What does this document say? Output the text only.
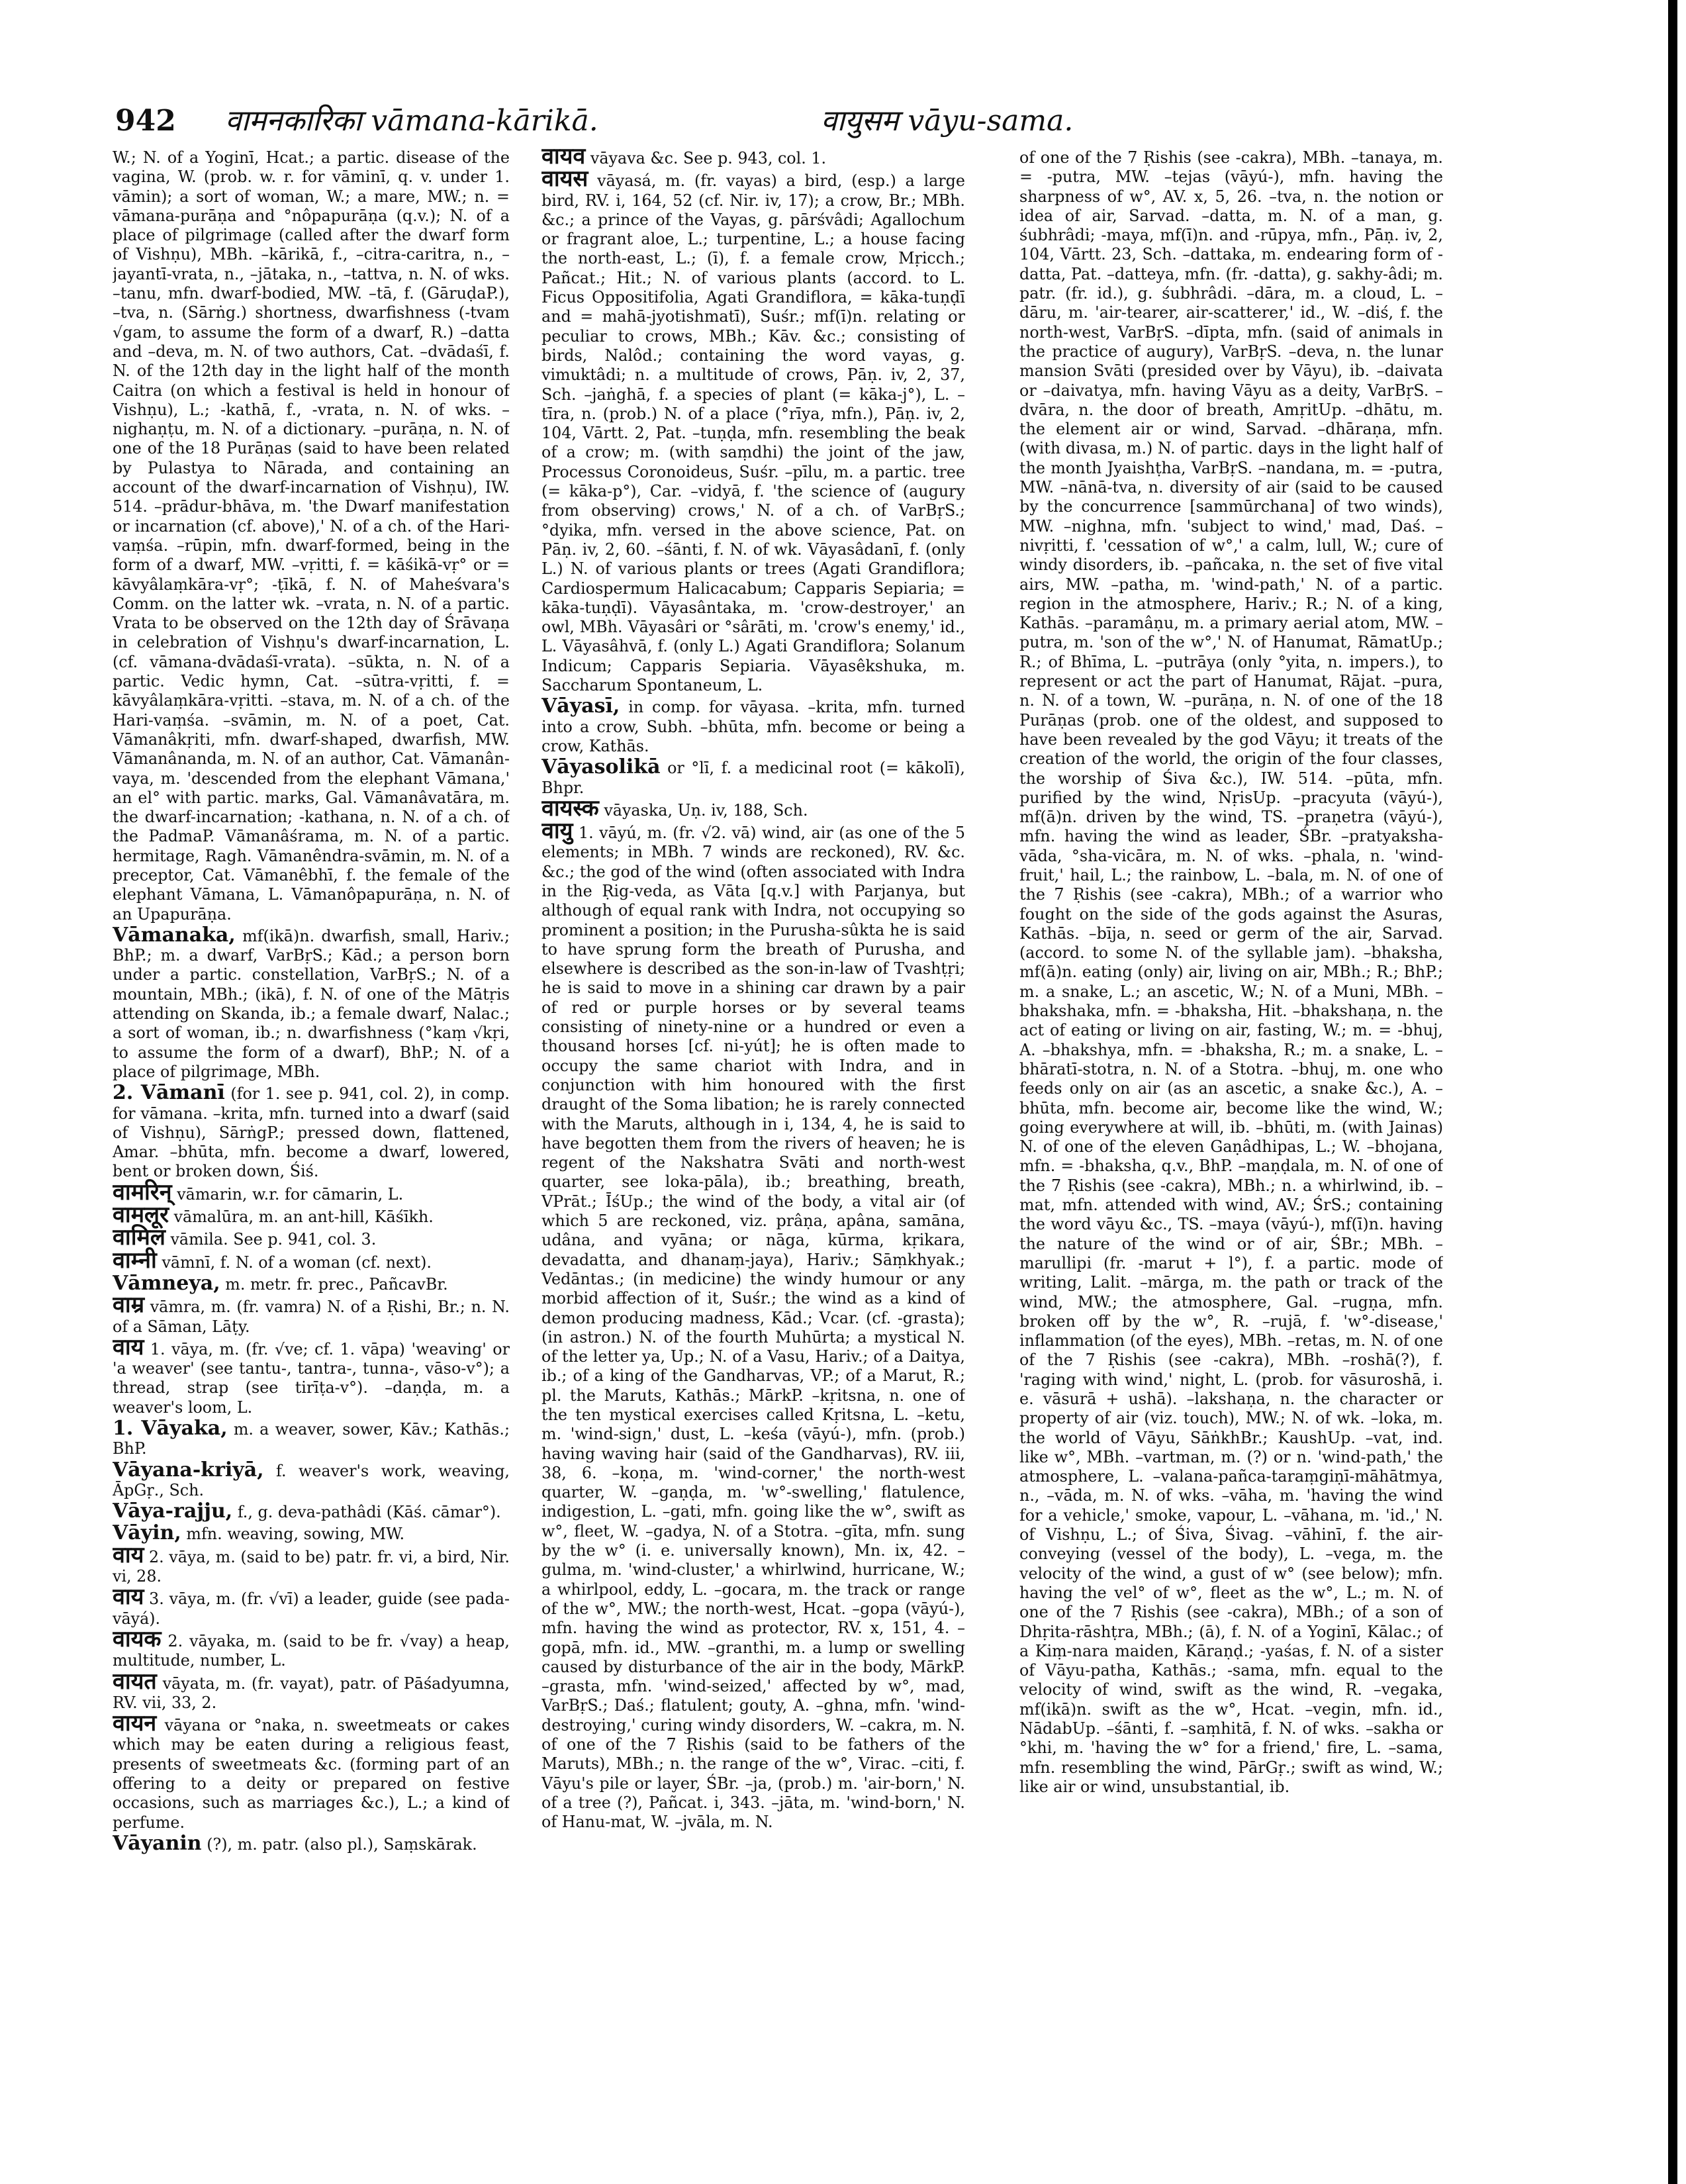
942 वामनकारिका vāmana-kārikā.	वायुसम vāyu-sama.

W.; N. of a Yoginī, Hcat.; a partic. disease of the vagina, W. (prob. w. r. for vāminī, q. v. under 1. vāmin); a sort of woman, W.; a mare, MW.; n. = vāmana-purāṇa and °nôpapurāṇa (q.v.); N. of a place of pilgrimage (called after the dwarf form of Vishṇu), MBh. –kārikā, f., –citra-caritra, n., –jayantī-vrata, n., –jātaka, n., –tattva, n. N. of wks. –tanu, mfn. dwarf-bodied, MW. –tā, f. (GāruḍaP.), –tva, n. (Sārṅg.) shortness, dwarfishness (-tvam √gam, to assume the form of a dwarf, R.) –datta and –deva, m. N. of two authors, Cat. –dvādaśī, f. N. of the 12th day in the light half of the month Caitra (on which a festival is held in honour of Vishṇu), L.; -kathā, f., -vrata, n. N. of wks. –nighaṇṭu, m. N. of a dictionary. –purāṇa, n. N. of one of the 18 Purāṇas (said to have been related by Pulastya to Nārada, and containing an account of the dwarf-incarnation of Vishṇu), IW. 514. –prādur-bhāva, m. 'the Dwarf manifestation or incarnation (cf. above),' N. of a ch. of the Hari-vaṃśa. –rūpin, mfn. dwarf-formed, being in the form of a dwarf, MW. –vṛitti, f. = kāśikā-vṛ° or = kāvyâlaṃkāra-vṛ°; -ṭīkā, f. N. of Maheśvara's Comm. on the latter wk. –vrata, n. N. of a partic. Vrata to be observed on the 12th day of Śrāvaṇa in celebration of Vishṇu's dwarf-incarnation, L. (cf. vāmana-dvādaśī-vrata). –sūkta, n. N. of a partic. Vedic hymn, Cat. –sūtra-vṛitti, f. = kāvyâlaṃkāra-vṛitti. –stava, m. N. of a ch. of the Hari-vaṃśa. –svāmin, m. N. of a poet, Cat. Vāmanâkṛiti, mfn. dwarf-shaped, dwarfish, MW. Vāmanânanda, m. N. of an author, Cat. Vāmanân-vaya, m. 'descended from the elephant Vāmana,' an el° with partic. marks, Gal. Vāmanâvatāra, m. the dwarf-incarnation; -kathana, n. N. of a ch. of the PadmaP. Vāmanâśrama, m. N. of a partic. hermitage, Ragh. Vāmanêndra-svāmin, m. N. of a preceptor, Cat. Vāmanêbhī, f. the female of the elephant Vāmana, L. Vāmanôpapurāṇa, n. N. of an Upapurāṇa.

Vāmanaka, mf(ikā)n. dwarfish, small, Hariv.; BhP.; m. a dwarf, VarBṛS.; Kād.; a person born under a partic. constellation, VarBṛS.; N. of a mountain, MBh.; (ikā), f. N. of one of the Mātṛis attending on Skanda, ib.; a female dwarf, Nalac.; a sort of woman, ib.; n. dwarfishness (°kaṃ √kṛi, to assume the form of a dwarf), BhP.; N. of a place of pilgrimage, MBh.

2. Vāmanī (for 1. see p. 941, col. 2), in comp. for vāmana. –krita, mfn. turned into a dwarf (said of Vishṇu), SārṅgP.; pressed down, flattened, Amar. –bhūta, mfn. become a dwarf, lowered, bent or broken down, Śiś.

वामरिन् vāmarin, w.r. for cāmarin, L.

वामलूर vāmalūra, m. an ant-hill, Kāśīkh.

वामिल vāmila. See p. 941, col. 3.

वाम्नी vāmnī, f. N. of a woman (cf. next).

Vāmneya, m. metr. fr. prec., PañcavBr.

वाम्र vāmra, m. (fr. vamra) N. of a Ṛishi, Br.; n. N. of a Sāman, Lāṭy.

वाय 1. vāya, m. (fr. √ve; cf. 1. vāpa) 'weaving' or 'a weaver' (see tantu-, tantra-, tunna-, vāso-v°); a thread, strap (see tirīṭa-v°). –daṇḍa, m. a weaver's loom, L.

1. Vāyaka, m. a weaver, sower, Kāv.; Kathās.; BhP.

Vāyana-kriyā, f. weaver's work, weaving, ĀpGṛ., Sch.

Vāya-rajju, f., g. deva-pathâdi (Kāś. cāmar°).

Vāyin, mfn. weaving, sowing, MW.

वाय 2. vāya, m. (said to be) patr. fr. vi, a bird, Nir. vi, 28.

वाय 3. vāya, m. (fr. √vī) a leader, guide (see pada-vāyá).

वायक 2. vāyaka, m. (said to be fr. √vay) a heap, multitude, number, L.

वायत vāyata, m. (fr. vayat), patr. of Pāśadyumna, RV. vii, 33, 2.

वायन vāyana or °naka, n. sweetmeats or cakes which may be eaten during a religious feast, presents of sweetmeats &c. (forming part of an offering to a deity or prepared on festive occasions, such as marriages &c.), L.; a kind of perfume.

Vāyanin (?), m. patr. (also pl.), Saṃskārak.

वायव vāyava &c. See p. 943, col. 1.

वायस vāyasá, m. (fr. vayas) a bird, (esp.) a large bird, RV. i, 164, 52 (cf. Nir. iv, 17); a crow, Br.; MBh. &c.; a prince of the Vayas, g. pārśvâdi; Agallochum or fragrant aloe, L.; turpentine, L.; a house facing the north-east, L.; (ī), f. a female crow, Mṛicch.; Pañcat.; Hit.; N. of various plants (accord. to L. Ficus Oppositifolia, Agati Grandiflora, = kāka-tuṇḍī and = mahā-jyotishmatī), Suśr.; mf(ī)n. relating or peculiar to crows, MBh.; Kāv. &c.; consisting of birds, Nalôd.; containing the word vayas, g. vimuktâdi; n. a multitude of crows, Pāṇ. iv, 2, 37, Sch. –jaṅghā, f. a species of plant (= kāka-j°), L. –tīra, n. (prob.) N. of a place (°rīya, mfn.), Pāṇ. iv, 2, 104, Vārtt. 2, Pat. –tuṇḍa, mfn. resembling the beak of a crow; m. (with saṃdhi) the joint of the jaw, Processus Coronoideus, Suśr. –pīlu, m. a partic. tree (= kāka-p°), Car. –vidyā, f. 'the science of (augury from observing) crows,' N. of a ch. of VarBṛS.; °dyika, mfn. versed in the above science, Pat. on Pāṇ. iv, 2, 60. –śānti, f. N. of wk. Vāyasâdanī, f. (only L.) N. of various plants or trees (Agati Grandiflora; Cardiospermum Halicacabum; Capparis Sepiaria; = kāka-tuṇḍī). Vāyasântaka, m. 'crow-destroyer,' an owl, MBh. Vāyasâri or °sârāti, m. 'crow's enemy,' id., L. Vāyasâhvā, f. (only L.) Agati Grandiflora; Solanum Indicum; Capparis Sepiaria. Vāyasêkshuka, m. Saccharum Spontaneum, L.

Vāyasī, in comp. for vāyasa. –krita, mfn. turned into a crow, Subh. –bhūta, mfn. become or being a crow, Kathās.

Vāyasolikā or °lī, f. a medicinal root (= kākolī), Bhpr.

वायस्क vāyaska, Uṇ. iv, 188, Sch.

वायु 1. vāyú, m. (fr. √2. vā) wind, air (as one of the 5 elements; in MBh. 7 winds are reckoned), RV. &c. &c.; the god of the wind (often associated with Indra in the Ṛig-veda, as Vāta [q.v.] with Parjanya, but although of equal rank with Indra, not occupying so prominent a position; in the Purusha-sûkta he is said to have sprung form the breath of Purusha, and elsewhere is described as the son-in-law of Tvashṭṛi; he is said to move in a shining car drawn by a pair of red or purple horses or by several teams consisting of ninety-nine or a hundred or even a thousand horses [cf. ni-yút]; he is often made to occupy the same chariot with Indra, and in conjunction with him honoured with the first draught of the Soma libation; he is rarely connected with the Maruts, although in i, 134, 4, he is said to have begotten them from the rivers of heaven; he is regent of the Nakshatra Svāti and north-west quarter, see loka-pāla), ib.; breathing, breath, VPrāt.; ĪśUp.; the wind of the body, a vital air (of which 5 are reckoned, viz. prâṇa, apâna, samāna, udâna, and vyāna; or nāga, kūrma, kṛikara, devadatta, and dhanaṃ-jaya), Hariv.; Sāṃkhyak.; Vedāntas.; (in medicine) the windy humour or any morbid affection of it, Suśr.; the wind as a kind of demon producing madness, Kād.; Vcar. (cf. -grasta); (in astron.) N. of the fourth Muhūrta; a mystical N. of the letter ya, Up.; N. of a Vasu, Hariv.; of a Daitya, ib.; of a king of the Gandharvas, VP.; of a Marut, R.; pl. the Maruts, Kathās.; MārkP. –kṛitsna, n. one of the ten mystical exercises called Kṛitsna, L. –ketu, m. 'wind-sign,' dust, L. –keśa (vāyú-), mfn. (prob.) having waving hair (said of the Gandharvas), RV. iii, 38, 6. –koṇa, m. 'wind-corner,' the north-west quarter, W. –gaṇḍa, m. 'w°-swelling,' flatulence, indigestion, L. –gati, mfn. going like the w°, swift as w°, fleet, W. –gadya, N. of a Stotra. –gīta, mfn. sung by the w° (i. e. universally known), Mn. ix, 42. –gulma, m. 'wind-cluster,' a whirlwind, hurricane, W.; a whirlpool, eddy, L. –gocara, m. the track or range of the w°, MW.; the north-west, Hcat. –gopa (vāyú-), mfn. having the wind as protector, RV. x, 151, 4. –gopā, mfn. id., MW. –granthi, m. a lump or swelling caused by disturbance of the air in the body, MārkP. –grasta, mfn. 'wind-seized,' affected by w°, mad, VarBṛS.; Daś.; flatulent; gouty, A. –ghna, mfn. 'wind-destroying,' curing windy disorders, W. –cakra, m. N. of one of the 7 Ṛishis (said to be fathers of the Maruts), MBh.; n. the range of the w°, Virac. –citi, f. Vāyu's pile or layer, ŚBr. –ja, (prob.) m. 'air-born,' N. of a tree (?), Pañcat. i, 343. –jāta, m. 'wind-born,' N. of Hanu-mat, W. –jvāla, m. N.

of one of the 7 Ṛishis (see -cakra), MBh. –tanaya, m. = -putra, MW. –tejas (vāyú-), mfn. having the sharpness of w°, AV. x, 5, 26. –tva, n. the notion or idea of air, Sarvad. –datta, m. N. of a man, g. śubhrâdi; -maya, mf(ī)n. and -rūpya, mfn., Pāṇ. iv, 2, 104, Vārtt. 23, Sch. –dattaka, m. endearing form of -datta, Pat. –datteya, mfn. (fr. -datta), g. sakhy-âdi; m. patr. (fr. id.), g. śubhrâdi. –dāra, m. a cloud, L. –dāru, m. 'air-tearer, air-scatterer,' id., W. –diś, f. the north-west, VarBṛS. –dīpta, mfn. (said of animals in the practice of augury), VarBṛS. –deva, n. the lunar mansion Svāti (presided over by Vāyu), ib. –daivata or –daivatya, mfn. having Vāyu as a deity, VarBṛS. –dvāra, n. the door of breath, AmṛitUp. –dhātu, m. the element air or wind, Sarvad. –dhāraṇa, mfn. (with divasa, m.) N. of partic. days in the light half of the month Jyaishṭha, VarBṛS. –nandana, m. = -putra, MW. –nānā-tva, n. diversity of air (said to be caused by the concurrence [sammūrchana] of two winds), MW. –nighna, mfn. 'subject to wind,' mad, Daś. –nivṛitti, f. 'cessation of w°,' a calm, lull, W.; cure of windy disorders, ib. –pañcaka, n. the set of five vital airs, MW. –patha, m. 'wind-path,' N. of a partic. region in the atmosphere, Hariv.; R.; N. of a king, Kathās. –paramâṇu, m. a primary aerial atom, MW. –putra, m. 'son of the w°,' N. of Hanumat, RāmatUp.; R.; of Bhīma, L. –putrāya (only °yita, n. impers.), to represent or act the part of Hanumat, Rājat. –pura, n. N. of a town, W. –purāṇa, n. N. of one of the 18 Purāṇas (prob. one of the oldest, and supposed to have been revealed by the god Vāyu; it treats of the creation of the world, the origin of the four classes, the worship of Śiva &c.), IW. 514. –pūta, mfn. purified by the wind, NṛisUp. –pracyuta (vāyú-), mf(ā)n. driven by the wind, TS. –praṇetra (vāyú-), mfn. having the wind as leader, ŚBr. –pratyaksha-vāda, °sha-vicāra, m. N. of wks. –phala, n. 'wind-fruit,' hail, L.; the rainbow, L. –bala, m. N. of one of the 7 Ṛishis (see -cakra), MBh.; of a warrior who fought on the side of the gods against the Asuras, Kathās. –bīja, n. seed or germ of the air, Sarvad. (accord. to some N. of the syllable jam). –bhaksha, mf(ā)n. eating (only) air, living on air, MBh.; R.; BhP.; m. a snake, L.; an ascetic, W.; N. of a Muni, MBh. –bhakshaka, mfn. = -bhaksha, Hit. –bhakshaṇa, n. the act of eating or living on air, fasting, W.; m. = -bhuj, A. –bhakshya, mfn. = -bhaksha, R.; m. a snake, L. –bhāratī-stotra, n. N. of a Stotra. –bhuj, m. one who feeds only on air (as an ascetic, a snake &c.), A. –bhūta, mfn. become air, become like the wind, W.; going everywhere at will, ib. –bhūti, m. (with Jainas) N. of one of the eleven Gaṇâdhipas, L.; W. –bhojana, mfn. = -bhaksha, q.v., BhP. –maṇḍala, m. N. of one of the 7 Ṛishis (see -cakra), MBh.; n. a whirlwind, ib. –mat, mfn. attended with wind, AV.; ŚrS.; containing the word vāyu &c., TS. –maya (vāyú-), mf(ī)n. having the nature of the wind or of air, ŚBr.; MBh. –marullipi (fr. -marut + l°), f. a partic. mode of writing, Lalit. –mārga, m. the path or track of the wind, MW.; the atmosphere, Gal. –rugṇa, mfn. broken off by the w°, R. –rujā, f. 'w°-disease,' inflammation (of the eyes), MBh. –retas, m. N. of one of the 7 Ṛishis (see -cakra), MBh. –roshā(?), f. 'raging with wind,' night, L. (prob. for vāsuroshā, i. e. vāsurā + ushā). –lakshaṇa, n. the character or property of air (viz. touch), MW.; N. of wk. –loka, m. the world of Vāyu, SāṅkhBr.; KaushUp. –vat, ind. like w°, MBh. –vartman, m. (?) or n. 'wind-path,' the atmosphere, L. –valana-pañca-taraṃgiṇī-māhātmya, n., –vāda, m. N. of wks. –vāha, m. 'having the wind for a vehicle,' smoke, vapour, L. –vāhana, m. 'id.,' N. of Vishṇu, L.; of Śiva, Śivag. –vāhinī, f. the air-conveying (vessel of the body), L. –vega, m. the velocity of the wind, a gust of w° (see below); mfn. having the vel° of w°, fleet as the w°, L.; m. N. of one of the 7 Ṛishis (see -cakra), MBh.; of a son of Dhṛita-rāshṭra, MBh.; (ā), f. N. of a Yoginī, Kālac.; of a Kiṃ-nara maiden, Kāraṇḍ.; -yaśas, f. N. of a sister of Vāyu-patha, Kathās.; -sama, mfn. equal to the velocity of wind, swift as the wind, R. –vegaka, mf(ikā)n. swift as the w°, Hcat. –vegin, mfn. id., NādabUp. –śānti, f. –saṃhitā, f. N. of wks. –sakha or °khi, m. 'having the w° for a friend,' fire, L. –sama, mfn. resembling the wind, PārGṛ.; swift as wind, W.; like air or wind, unsubstantial, ib.
